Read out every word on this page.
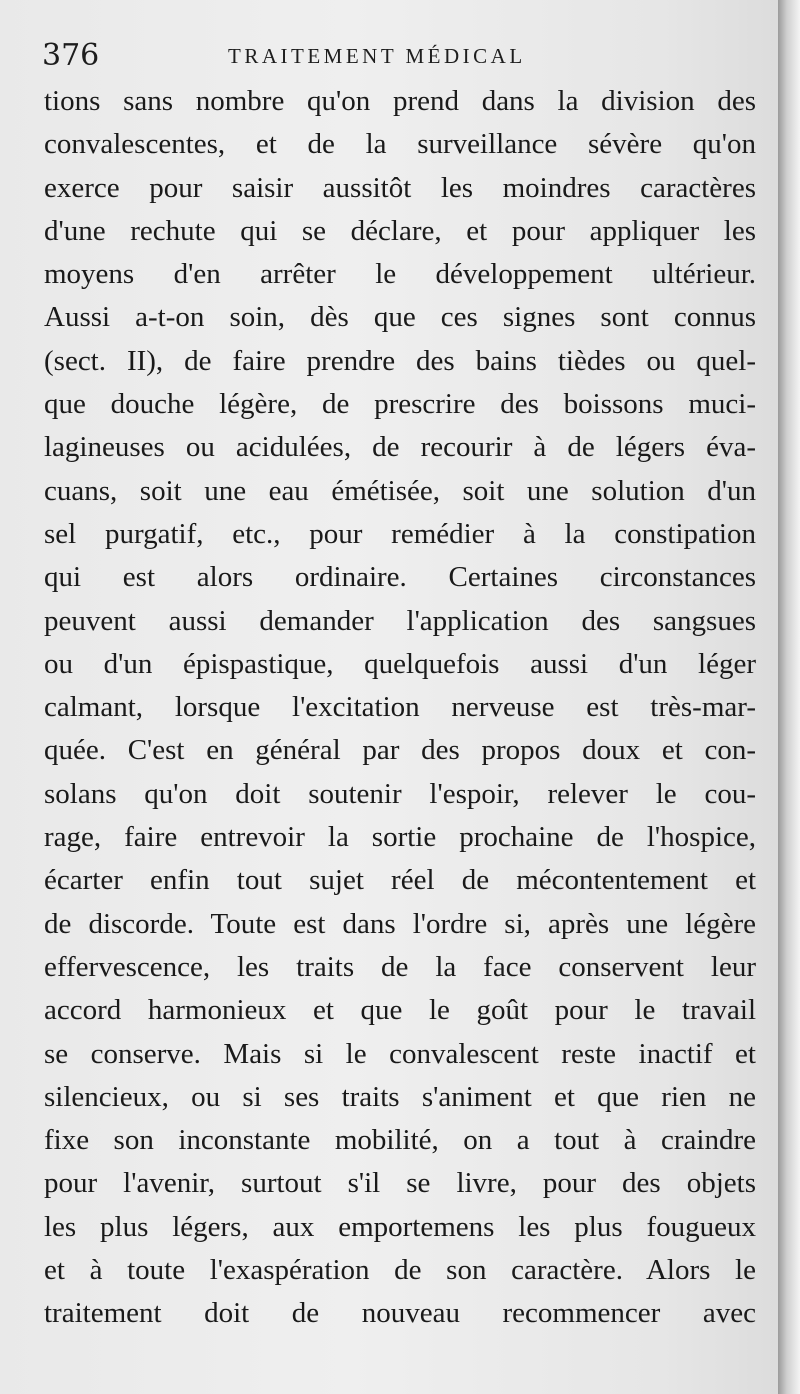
376	TRAITEMENT MÉDICAL
tions sans nombre qu'on prend dans la division des
convalescentes, et de la surveillance sévère qu'on
exerce pour saisir aussitôt les moindres caractères
d'une rechute qui se déclare, et pour appliquer les
moyens d'en arrêter le développement ultérieur.
Aussi a-t-on soin, dès que ces signes sont connus
(sect. II), de faire prendre des bains tièdes ou quel-
que douche légère, de prescrire des boissons muci-
lagineuses ou acidulées, de recourir à de légers éva-
cuans, soit une eau émétisée, soit une solution d'un
sel purgatif, etc., pour remédier à la constipation
qui est alors ordinaire. Certaines circonstances
peuvent aussi demander l'application des sangsues
ou d'un épispastique, quelquefois aussi d'un léger
calmant, lorsque l'excitation nerveuse est très-mar-
quée. C'est en général par des propos doux et con-
solans qu'on doit soutenir l'espoir, relever le cou-
rage, faire entrevoir la sortie prochaine de l'hospice,
écarter enfin tout sujet réel de mécontentement et
de discorde. Toute est dans l'ordre si, après une légère
effervescence, les traits de la face conservent leur
accord harmonieux et que le goût pour le travail
se conserve. Mais si le convalescent reste inactif et
silencieux, ou si ses traits s'animent et que rien ne
fixe son inconstante mobilité, on a tout à craindre
pour l'avenir, surtout s'il se livre, pour des objets
les plus légers, aux emportemens les plus fougueux
et à toute l'exaspération de son caractère. Alors le
traitement doit de nouveau recommencer avec
